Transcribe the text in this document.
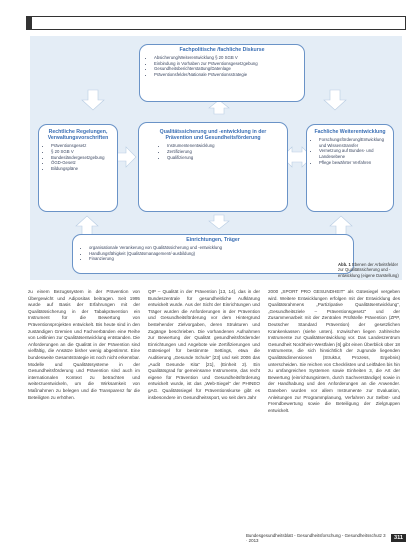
Fachpolitische /fachliche Diskurse
• Absicherung/Weiterentwicklung § 20 SGB V
• Einbindung in Vorhaben zur Präventionsgesetzgebung
• Gesundheitsberichterstattung/Datenlage
• Präventionsfelder/Nationale Präventionsstrategie
Rechtliche Regelungen, Verwaltungsvorschriften
• Präventionsgesetz
• § 20 SGB V
• Bundesländergesetzgebung
• ÖGD-Gesetz
• Bildungspläne
Qualitätssicherung und -entwicklung in der Prävention und Gesundheitsförderung
• Instrumentenentwicklung
• Zertifizierung
• Qualifizierung
Fachliche Weiterentwicklung
• Forschungsförderung/Entwicklung und Wissenstransfer
• Vernetzung auf Bundes- und Landesebene
• Pflege bewährter Verfahren
Einrichtungen, Träger
• organisationale Verankerung von Qualitätssicherung und -entwicklung
• Handlungsfähigkeit (Qualitätsmanagement/-ausbildung)
• Finanzierung
Abb. 1 Ebenen der Arbeitsfelder zur Qualitätssicherung und -entwicklung (eigene Darstellung)

zu einem Bezugssystem in der Prävention von Übergewicht und Adipositas beitragen. Seit 1995 wurde auf Basis der Erfahrungen mit der Qualitätssicherung in der Tabakprävention ein Instrument für die Bewertung von Präventionsprojekten entwickelt. Bis heute sind in den zuständigen Gremien und Fachverbänden eine Reihe von Leitlinien zur Qualitätsentwicklung entstanden. Die Anforderungen an die Qualität in der Prävention sind vielfältig, die Ansätze bisher wenig abgestimmt. Eine bundesweite Gesamtstrategie ist noch nicht erkennbar. Modelle und Qualitätssysteme in der Gesundheitsförderung und Prävention sind auch im internationalen Kontext zu betrachten und weiterzuentwickeln, um die Wirksamkeit von Maßnahmen zu belegen und die Transparenz für die Beteiligten zu erhöhen.

QIP – Qualität in der Prävention [13, 14], das in der Bundeszentrale für gesundheitliche Aufklärung entwickelt wurde. Aus der Sicht der Einrichtungen und Träger wurden die Anforderungen in der Prävention und Gesundheitsförderung vor dem Hintergrund bestehender Zielvorgaben, deren Strukturen und Zugänge beschrieben. Die vorhandenen Aufnahmen zur Bewertung der Qualität gesundheitsfördernder Einrichtungen und Angebote wie Zertifizierungen und Gütesiegel für bestimmte Settings, etwa die Auditierung „Gesunde Schule“ [23] und seit 2006 das „Audit Gesunde Kita“ [21], (Einheit 2). Ein Qualitätsgrad für gemeinsame Instrumente, das recht eigene für Prävention und Gesundheitsförderung entwickelt wurde, ist das „Web-Siegel“ der PHINEO gAG. Qualitätssiegel für Präventionskurse gibt es insbesondere im Gesundheitssport, wo seit dem Jahr

2000 „SPORT PRO GESUNDHEIT“ als Gütesiegel vergeben wird. Weitere Entwicklungen erfolgen mit der Entwicklung des Qualitätsrahmens „Partizipative Qualitätsentwicklung“, „Gesundheitsziele – Präventionsgesetz“ und der Zusammenarbeit mit der Zentralen Prüfstelle Prävention (ZPP, Deutscher Standard Prävention) der gesetzlichen Krankenkassen (siehe unten). Inzwischen liegen zahlreiche Instrumente zur Qualitätsentwicklung vor. Das Landeszentrum Gesundheit Nordrhein-Westfalen [6] gibt einen Überblick über 18 Instrumente, die sich hinsichtlich der zugrunde liegenden Qualitätsdimensionen (Struktur, Prozess, Ergebnis) unterscheiden. Sie reichen von Checklisten und Leitfäden bis hin zu umfangreichen Systemen sowie Einheiten 3, die Art der Bewertung (einrichtungsintern, durch Sachverständige) sowie in der Handhabung und den Anforderungen an die Anwender. Daneben wurden vor allem Instrumente zur Evaluation, Anleitungen zur Programmplanung, Verfahren zur Selbst- und Fremdbewertung sowie die Beteiligung der Zielgruppen entwickelt.

Bundesgesundheitsblatt - Gesundheitsforschung - Gesundheitsschutz 3 · 2013	311
